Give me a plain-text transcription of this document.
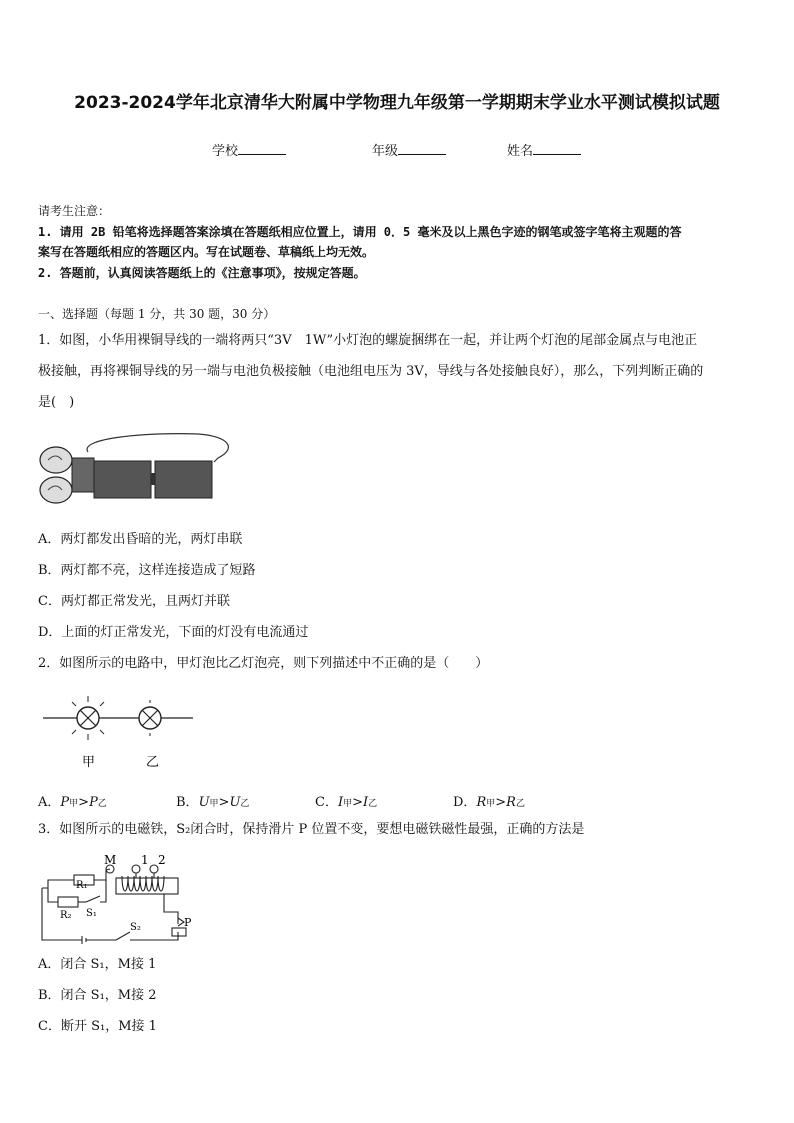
2023-2024学年北京清华大附属中学物理九年级第一学期期末学业水平测试模拟试题
学校	年级	姓名
请考生注意：
1. 请用 2B 铅笔将选择题答案涂填在答题纸相应位置上，请用 0．5 毫米及以上黑色字迹的钢笔或签字笔将主观题的答
案写在答题纸相应的答题区内。写在试题卷、草稿纸上均无效。
2. 答题前，认真阅读答题纸上的《注意事项》，按规定答题。
一、选择题（每题 1 分，共 30 题，30 分）
1．如图，小华用裸铜导线的一端将两只“3V　1W”小灯泡的螺旋捆绑在一起，并让两个灯泡的尾部金属点与电池正
极接触，再将裸铜导线的另一端与电池负极接触（电池组电压为 3V，导线与各处接触良好），那么，下列判断正确的
是(　)
A．两灯都发出昏暗的光，两灯串联
B．两灯都不亮，这样连接造成了短路
C．两灯都正常发光，且两灯并联
D．上面的灯正常发光，下面的灯没有电流通过
2．如图所示的电路中，甲灯泡比乙灯泡亮，则下列描述中不正确的是（　　）
甲	乙
A．P甲>P乙	B．U甲>U乙	C．I甲>I乙	D．R甲>R乙
3．如图所示的电磁铁，S₂闭合时，保持滑片 P 位置不变，要想电磁铁磁性最强，正确的方法是
M 1 2
R₁
R₂ S₁
S₂	P
A．闭合 S₁，M接 1
B．闭合 S₁，M接 2
C．断开 S₁，M接 1
